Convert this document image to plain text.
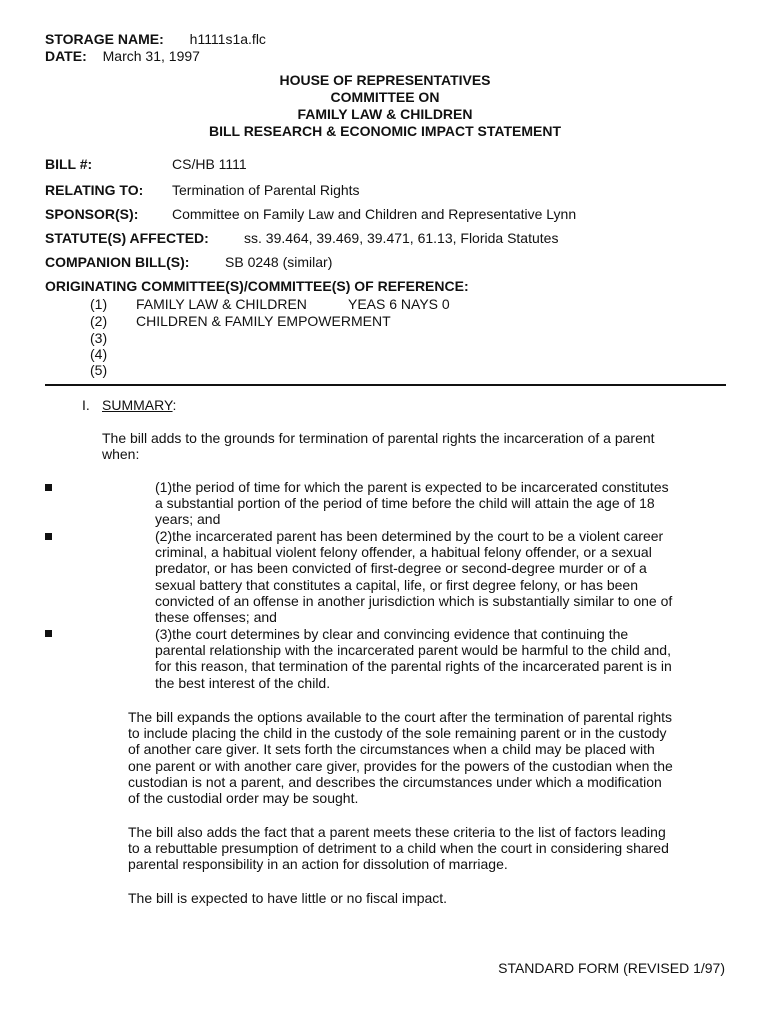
STORAGE NAME: h1111s1a.flc
DATE: March 31, 1997
HOUSE OF REPRESENTATIVES
COMMITTEE ON
FAMILY LAW & CHILDREN
BILL RESEARCH & ECONOMIC IMPACT STATEMENT
BILL #:	CS/HB 1111
RELATING TO: Termination of Parental Rights
SPONSOR(S): Committee on Family Law and Children and Representative Lynn
STATUTE(S) AFFECTED:	ss. 39.464, 39.469, 39.471, 61.13, Florida Statutes
COMPANION BILL(S):	SB 0248 (similar)
ORIGINATING COMMITTEE(S)/COMMITTEE(S) OF REFERENCE:
(1) FAMILY LAW & CHILDREN	YEAS 6 NAYS 0
(2) CHILDREN & FAMILY EMPOWERMENT
(3)
(4)
(5)
I. SUMMARY:
The bill adds to the grounds for termination of parental rights the incarceration of a parent
when:
(1)the period of time for which the parent is expected to be incarcerated constitutes
a substantial portion of the period of time before the child will attain the age of 18
years; and
(2)the incarcerated parent has been determined by the court to be a violent career
criminal, a habitual violent felony offender, a habitual felony offender, or a sexual
predator, or has been convicted of first-degree or second-degree murder or of a
sexual battery that constitutes a capital, life, or first degree felony, or has been
convicted of an offense in another jurisdiction which is substantially similar to one of
these offenses; and
(3)the court determines by clear and convincing evidence that continuing the
parental relationship with the incarcerated parent would be harmful to the child and,
for this reason, that termination of the parental rights of the incarcerated parent is in
the best interest of the child.
The bill expands the options available to the court after the termination of parental rights
to include placing the child in the custody of the sole remaining parent or in the custody
of another care giver. It sets forth the circumstances when a child may be placed with
one parent or with another care giver, provides for the powers of the custodian when the
custodian is not a parent, and describes the circumstances under which a modification
of the custodial order may be sought.
The bill also adds the fact that a parent meets these criteria to the list of factors leading
to a rebuttable presumption of detriment to a child when the court in considering shared
parental responsibility in an action for dissolution of marriage.
The bill is expected to have little or no fiscal impact.
STANDARD FORM (REVISED 1/97)
